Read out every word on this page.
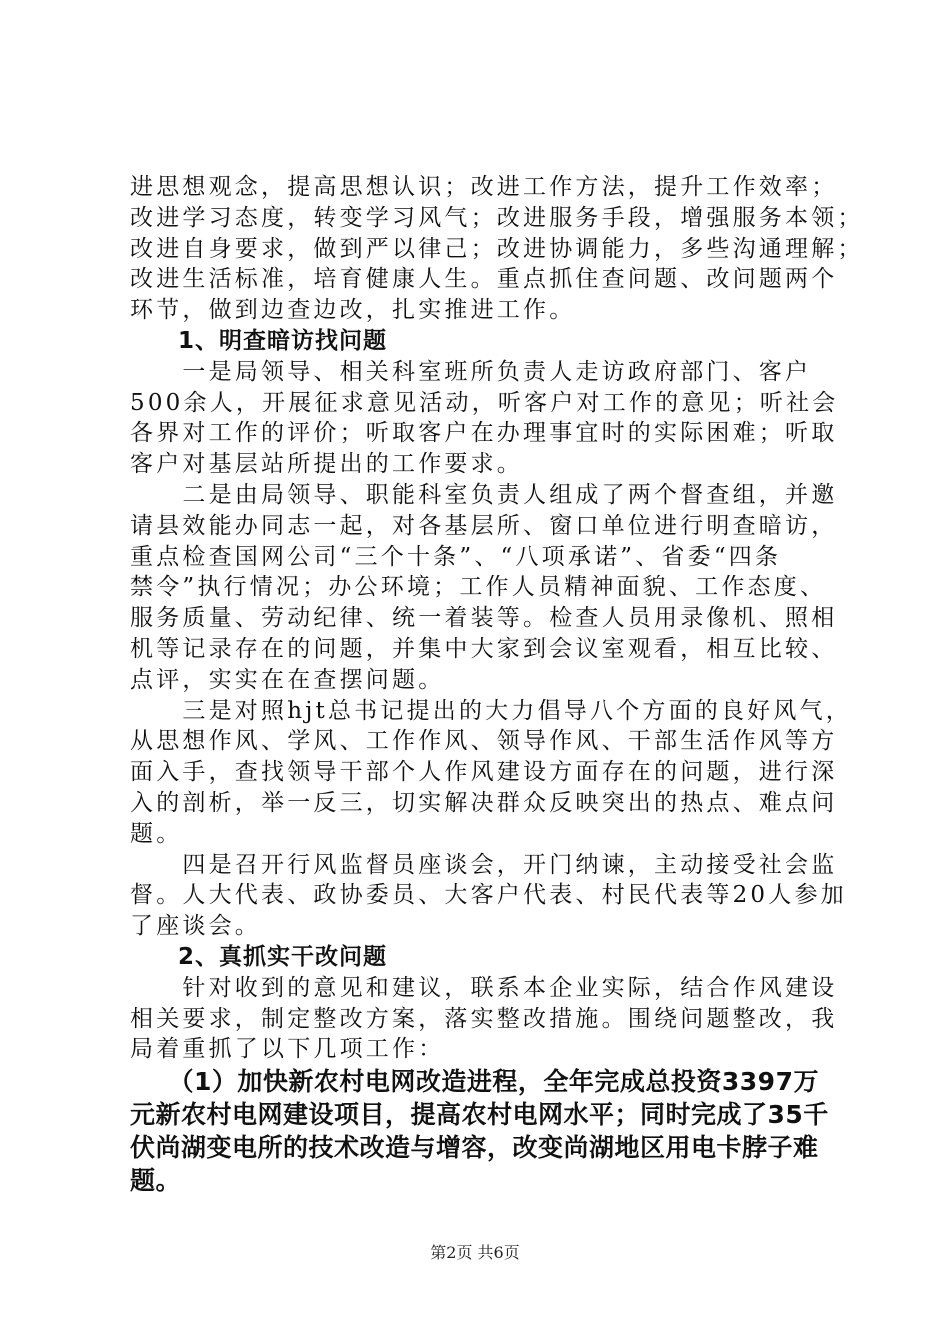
进思想观念，提高思想认识；改进工作方法，提升工作效率；
改进学习态度，转变学习风气；改进服务手段，增强服务本领；
改进自身要求，做到严以律己；改进协调能力，多些沟通理解；
改进生活标准，培育健康人生。重点抓住查问题、改问题两个
环节，做到边查边改，扎实推进工作。
　　1、明查暗访找问题
　　一是局领导、相关科室班所负责人走访政府部门、客户
500余人，开展征求意见活动，听客户对工作的意见；听社会
各界对工作的评价；听取客户在办理事宜时的实际困难；听取
客户对基层站所提出的工作要求。
　　二是由局领导、职能科室负责人组成了两个督查组，并邀
请县效能办同志一起，对各基层所、窗口单位进行明查暗访，
重点检查国网公司“三个十条”、“八项承诺”、省委“四条
禁令”执行情况；办公环境；工作人员精神面貌、工作态度、
服务质量、劳动纪律、统一着装等。检查人员用录像机、照相
机等记录存在的问题，并集中大家到会议室观看，相互比较、
点评，实实在在查摆问题。
　　三是对照hjt总书记提出的大力倡导八个方面的良好风气，
从思想作风、学风、工作作风、领导作风、干部生活作风等方
面入手，查找领导干部个人作风建设方面存在的问题，进行深
入的剖析，举一反三，切实解决群众反映突出的热点、难点问
题。
　　四是召开行风监督员座谈会，开门纳谏，主动接受社会监
督。人大代表、政协委员、大客户代表、村民代表等20人参加
了座谈会。
　　2、真抓实干改问题
　　针对收到的意见和建议，联系本企业实际，结合作风建设
相关要求，制定整改方案，落实整改措施。围绕问题整改，我
局着重抓了以下几项工作：
　　（1）加快新农村电网改造进程，全年完成总投资3397万
元新农村电网建设项目，提高农村电网水平；同时完成了35千
伏尚湖变电所的技术改造与增容，改变尚湖地区用电卡脖子难
题。
第2页 共6页
